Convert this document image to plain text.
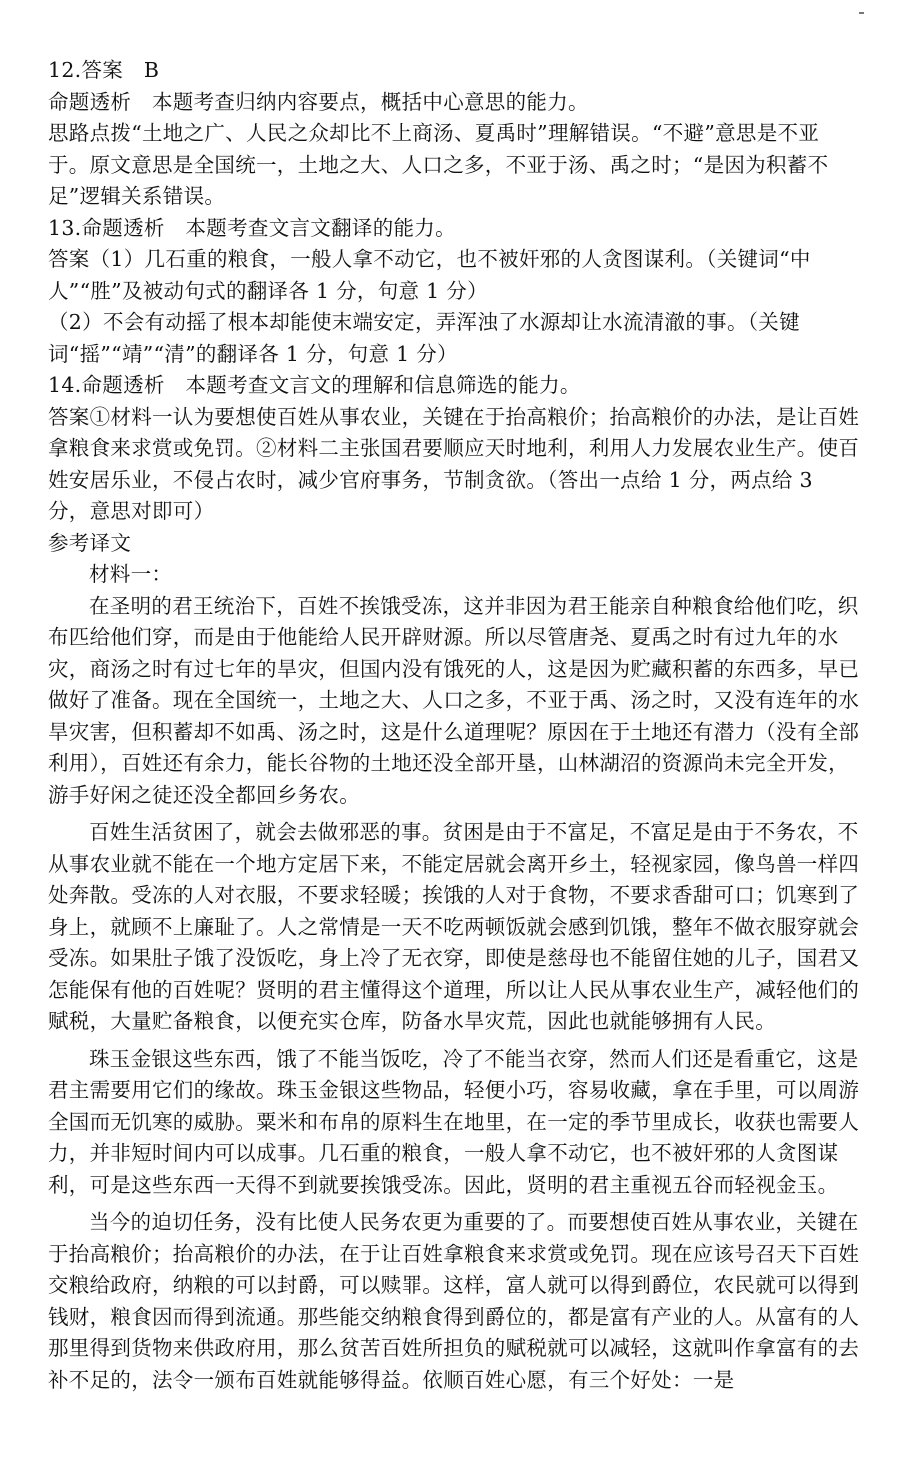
12.答案　B

命题透析　本题考查归纳内容要点，概括中心意思的能力。

思路点拨“土地之广、人民之众却比不上商汤、夏禹时”理解错误。“不避”意思是不亚于。原文意思是全国统一，土地之大、人口之多，不亚于汤、禹之时；“是因为积蓄不足”逻辑关系错误。

13.命题透析　本题考查文言文翻译的能力。

答案（1）几石重的粮食，一般人拿不动它，也不被奸邪的人贪图谋利。（关键词“中人”“胜”及被动句式的翻译各 1 分，句意 1 分）

（2）不会有动摇了根本却能使末端安定，弄浑浊了水源却让水流清澈的事。（关键词“摇”“靖”“清”的翻译各 1 分，句意 1 分）

14.命题透析　本题考查文言文的理解和信息筛选的能力。

答案①材料一认为要想使百姓从事农业，关键在于抬高粮价；抬高粮价的办法，是让百姓拿粮食来求赏或免罚。②材料二主张国君要顺应天时地利，利用人力发展农业生产。使百姓安居乐业，不侵占农时，减少官府事务，节制贪欲。（答出一点给 1 分，两点给 3 分，意思对即可）

参考译文

材料一：

在圣明的君王统治下，百姓不挨饿受冻，这并非因为君王能亲自种粮食给他们吃，织布匹给他们穿，而是由于他能给人民开辟财源。所以尽管唐尧、夏禹之时有过九年的水灾，商汤之时有过七年的旱灾，但国内没有饿死的人，这是因为贮藏积蓄的东西多，早已做好了准备。现在全国统一，土地之大、人口之多，不亚于禹、汤之时，又没有连年的水旱灾害，但积蓄却不如禹、汤之时，这是什么道理呢？原因在于土地还有潜力（没有全部利用），百姓还有余力，能长谷物的土地还没全部开垦，山林湖沼的资源尚未完全开发，游手好闲之徒还没全都回乡务农。

百姓生活贫困了，就会去做邪恶的事。贫困是由于不富足，不富足是由于不务农，不从事农业就不能在一个地方定居下来，不能定居就会离开乡土，轻视家园，像鸟兽一样四处奔散。受冻的人对衣服，不要求轻暖；挨饿的人对于食物，不要求香甜可口；饥寒到了身上，就顾不上廉耻了。人之常情是一天不吃两顿饭就会感到饥饿，整年不做衣服穿就会受冻。如果肚子饿了没饭吃，身上冷了无衣穿，即使是慈母也不能留住她的儿子，国君又怎能保有他的百姓呢？贤明的君主懂得这个道理，所以让人民从事农业生产，减轻他们的赋税，大量贮备粮食，以便充实仓库，防备水旱灾荒，因此也就能够拥有人民。

珠玉金银这些东西，饿了不能当饭吃，冷了不能当衣穿，然而人们还是看重它，这是君主需要用它们的缘故。珠玉金银这些物品，轻便小巧，容易收藏，拿在手里，可以周游全国而无饥寒的威胁。粟米和布帛的原料生在地里，在一定的季节里成长，收获也需要人力，并非短时间内可以成事。几石重的粮食，一般人拿不动它，也不被奸邪的人贪图谋利，可是这些东西一天得不到就要挨饿受冻。因此，贤明的君主重视五谷而轻视金玉。

当今的迫切任务，没有比使人民务农更为重要的了。而要想使百姓从事农业，关键在于抬高粮价；抬高粮价的办法，在于让百姓拿粮食来求赏或免罚。现在应该号召天下百姓交粮给政府，纳粮的可以封爵，可以赎罪。这样，富人就可以得到爵位，农民就可以得到钱财，粮食因而得到流通。那些能交纳粮食得到爵位的，都是富有产业的人。从富有的人那里得到货物来供政府用，那么贫苦百姓所担负的赋税就可以减轻，这就叫作拿富有的去补不足的，法令一颁布百姓就能够得益。依顺百姓心愿，有三个好处：一是
